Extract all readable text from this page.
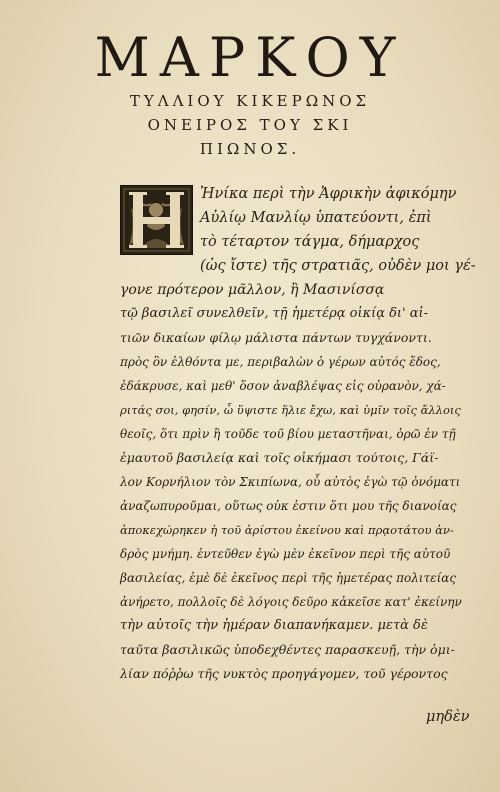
ΜΑΡΚΟΥ
ΤΥΛΛΙΟΥ ΚΙΚΕΡΩΝΟΣ
ΟΝΕΙΡΟΣ ΤΟΥ ΣΚΙ
ΠΙΩΝΟΣ.
Ἠνίκα περὶ τὴν Ἀφρικὴν ἀφικόμην
Αὐλίῳ Μανλίῳ ὑπατεύοντι, ἐπὶ
τὸ τέταρτον τάγμα, δήμαρχος
(ὡς ἴστε) τῆς στρατιᾶς, οὐδὲν μοι γέ-
γονε πρότερον μᾶλλον, ἢ Μασινίσσᾳ
τῷ βασιλεῖ συνελθεῖν, τῇ ἡμετέρᾳ οἰκίᾳ δι' αἰ-
τιῶν δικαίων φίλῳ μάλιστα πάντων τυγχάνοντι.
πρὸς ὃν ἐλθόντα με, περιβαλὼν ὁ γέρων αὐτός ἔδος,
ἐδάκρυσε, καὶ μεθ' ὅσον ἀναβλέψας εἰς οὐρανὸν, χά-
ριτάς σοι, φησίν, ὦ ὕψιστε ἥλιε ἔχω, καὶ ὑμῖν τοῖς ἄλλοις
θεοῖς, ὅτι πρὶν ἢ τοῦδε τοῦ βίου μεταστῆναι, ὁρῶ ἐν τῇ
ἐμαυτοῦ βασιλείᾳ καὶ τοῖς οἰκήμασι τούτοις, Γάϊ-
λον Κορνήλιον τὸν Σκιπίωνα, οὗ αὐτὸς ἐγὼ τῷ ὀνόματι
ἀναζωπυροῦμαι, οὕτως οὐκ ἐστιν ὅτι μου τῆς διανοίας
ἀποκεχώρηκεν ἡ τοῦ ἀρίστου ἐκείνου καὶ πρᾳοτάτου ἀν-
δρὸς μνήμη. ἐντεῦθεν ἐγὼ μὲν ἐκεῖνον περὶ τῆς αὐτοῦ
βασιλείας, ἐμὲ δὲ ἐκεῖνος περὶ τῆς ἡμετέρας πολιτείας
ἀνήρετο, πολλοῖς δὲ λόγοις δεῦρο κἀκεῖσε κατ' ἐκείνην
τὴν αὐτοῖς τὴν ἡμέραν διαπανήκαμεν. μετὰ δὲ
ταῦτα βασιλικῶς ὑποδεχθέντες παρασκευῇ, τὴν ὁμι-
λίαν πόῤῥω τῆς νυκτὸς προηγάγομεν, τοῦ γέροντος
μηδὲν
